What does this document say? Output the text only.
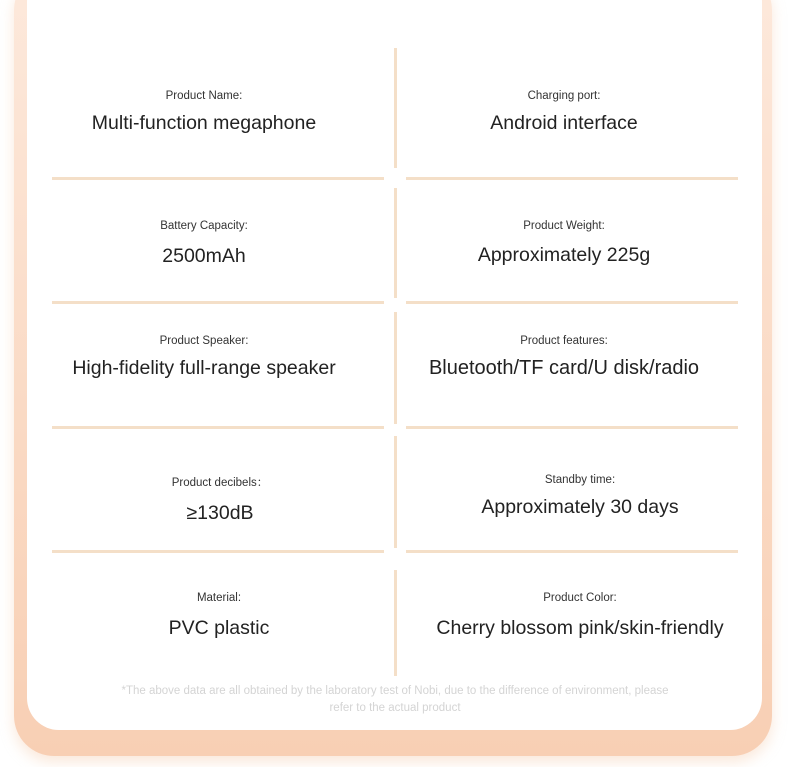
Product Name:
Multi-function megaphone
Charging port:
Android interface
Battery Capacity:
2500mAh
Product Weight:
Approximately 225g
Product Speaker:
High-fidelity full-range speaker
Product features:
Bluetooth/TF card/U disk/radio
Product decibels：
≥130dB
Standby time:
Approximately 30 days
Material:
PVC plastic
Product Color:
Cherry blossom pink/skin-friendly
*The above data are all obtained by the laboratory test of Nobi, due to the difference of environment, please refer to the actual product
